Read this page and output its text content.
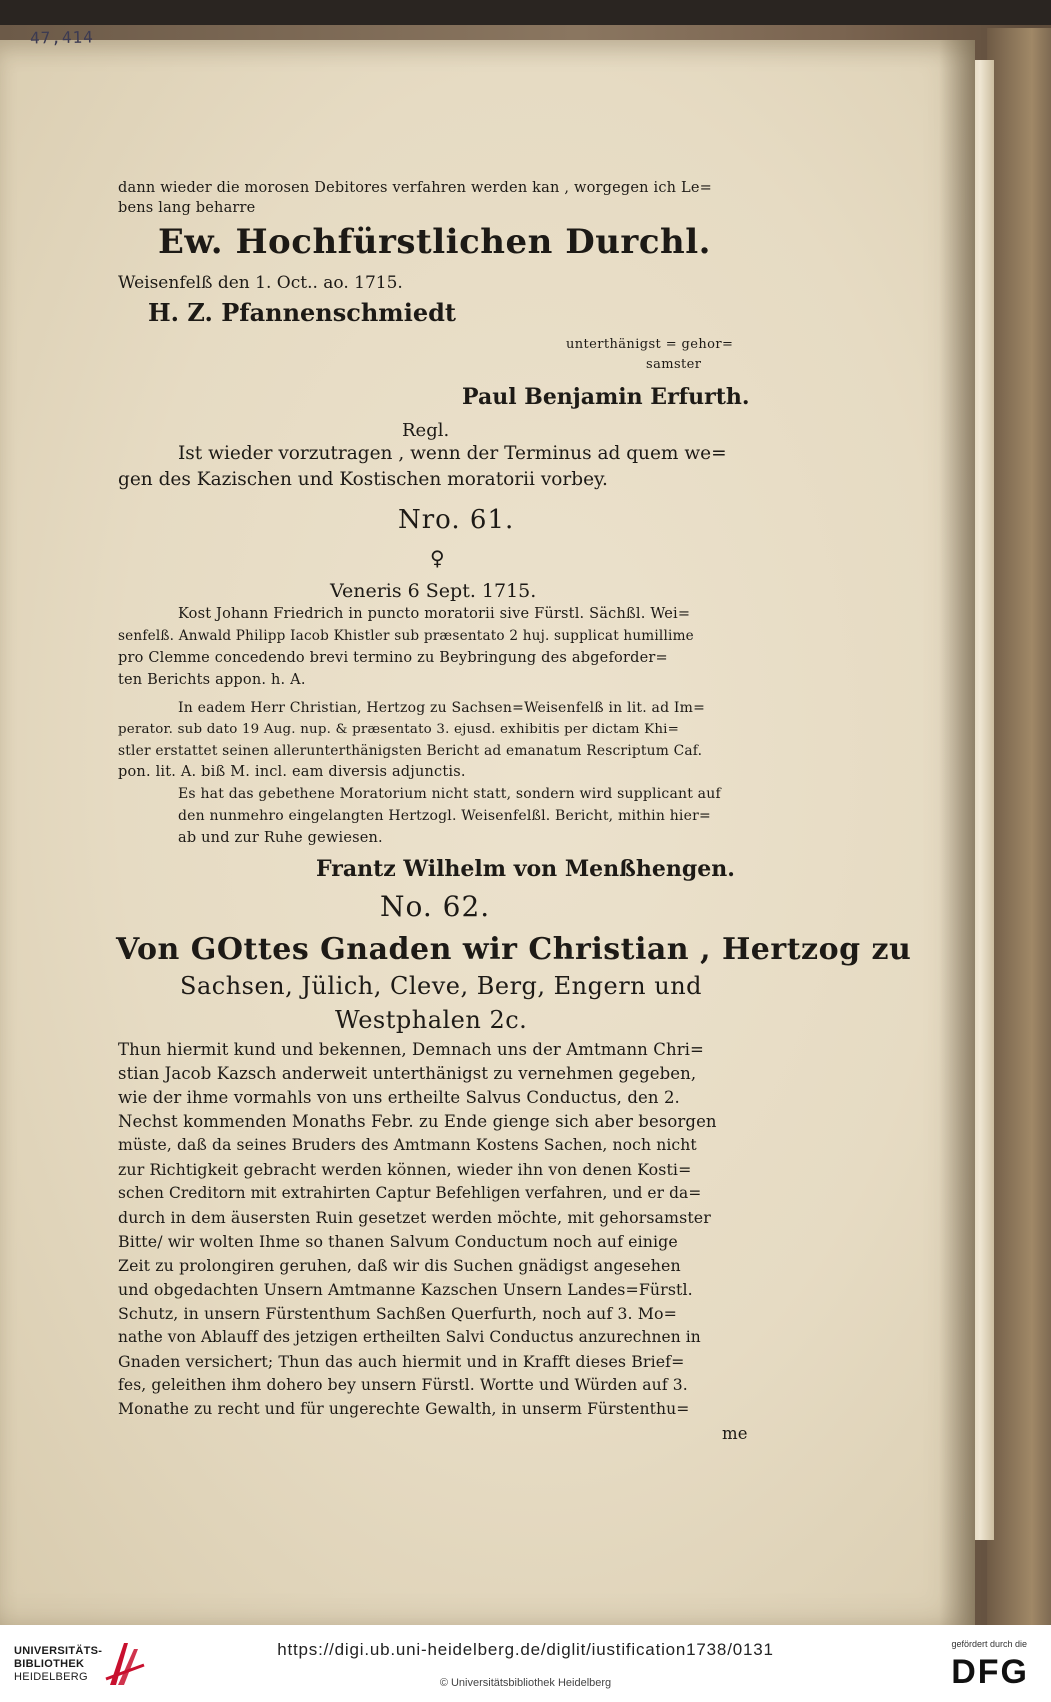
47,414
dann wieder die morosen Debitores verfahren werden kan , worgegen ich Le=
bens lang beharre
Ew. Hochfürstlichen Durchl.
Weisenfelß den 1. Oct.. ao. 1715.
H. Z. Pfannenschmiedt
unterthänigst = gehor=
samster
Paul Benjamin Erfurth.
Regl.
Ist wieder vorzutragen , wenn der Terminus ad quem we=
gen des Kazischen und Kostischen moratorii vorbey.
Nro. 61.
♀
Veneris 6 Sept. 1715.
Kost Johann Friedrich in puncto moratorii sive Fürstl. Sächßl. Wei=
senfelß. Anwald Philipp Iacob Khistler sub præsentato 2 huj. supplicat humillime
pro Clemme concedendo brevi termino zu Beybringung des abgeforder=
ten Berichts appon. h. A.
In eadem Herr Christian, Hertzog zu Sachsen=Weisenfelß in lit. ad Im=
perator. sub dato 19 Aug. nup. & præsentato 3. ejusd. exhibitis per dictam Khi=
stler erstattet seinen allerunterthänigsten Bericht ad emanatum Rescriptum Caf.
pon. lit. A. biß M. incl. eam diversis adjunctis.
Es hat das gebethene Moratorium nicht statt, sondern wird supplicant auf
den nunmehro eingelangten Hertzogl. Weisenfelßl. Bericht, mithin hier=
ab und zur Ruhe gewiesen.
Frantz Wilhelm von Menßhengen.
No. 62.
Von GOttes Gnaden wir Christian , Hertzog zu
Sachsen, Jülich, Cleve, Berg, Engern und
Westphalen 2c.
Thun hiermit kund und bekennen, Demnach uns der Amtmann Chri=
stian Jacob Kazsch anderweit unterthänigst zu vernehmen gegeben,
wie der ihme vormahls von uns ertheilte Salvus Conductus, den 2.
Nechst kommenden Monaths Febr. zu Ende gienge sich aber besorgen
müste, daß da seines Bruders des Amtmann Kostens Sachen, noch nicht
zur Richtigkeit gebracht werden können, wieder ihn von denen Kosti=
schen Creditorn mit extrahirten Captur Befehligen verfahren, und er da=
durch in dem äusersten Ruin gesetzet werden möchte, mit gehorsamster
Bitte/ wir wolten Ihme so thanen Salvum Conductum noch auf einige
Zeit zu prolongiren geruhen, daß wir dis Suchen gnädigst angesehen
und obgedachten Unsern Amtmanne Kazschen Unsern Landes=Fürstl.
Schutz, in unsern Fürstenthum Sachßen Querfurth, noch auf 3. Mo=
nathe von Ablauff des jetzigen ertheilten Salvi Conductus anzurechnen in
Gnaden versichert; Thun das auch hiermit und in Krafft dieses Brief=
fes, geleithen ihm dohero bey unsern Fürstl. Wortte und Würden auf 3.
Monathe zu recht und für ungerechte Gewalth, in unserm Fürstenthu=
me
UNIVERSITÄTS-
BIBLIOTHEK
HEIDELBERG
https://digi.ub.uni-heidelberg.de/diglit/iustification1738/0131
© Universitätsbibliothek Heidelberg
gefördert durch die
DFG
